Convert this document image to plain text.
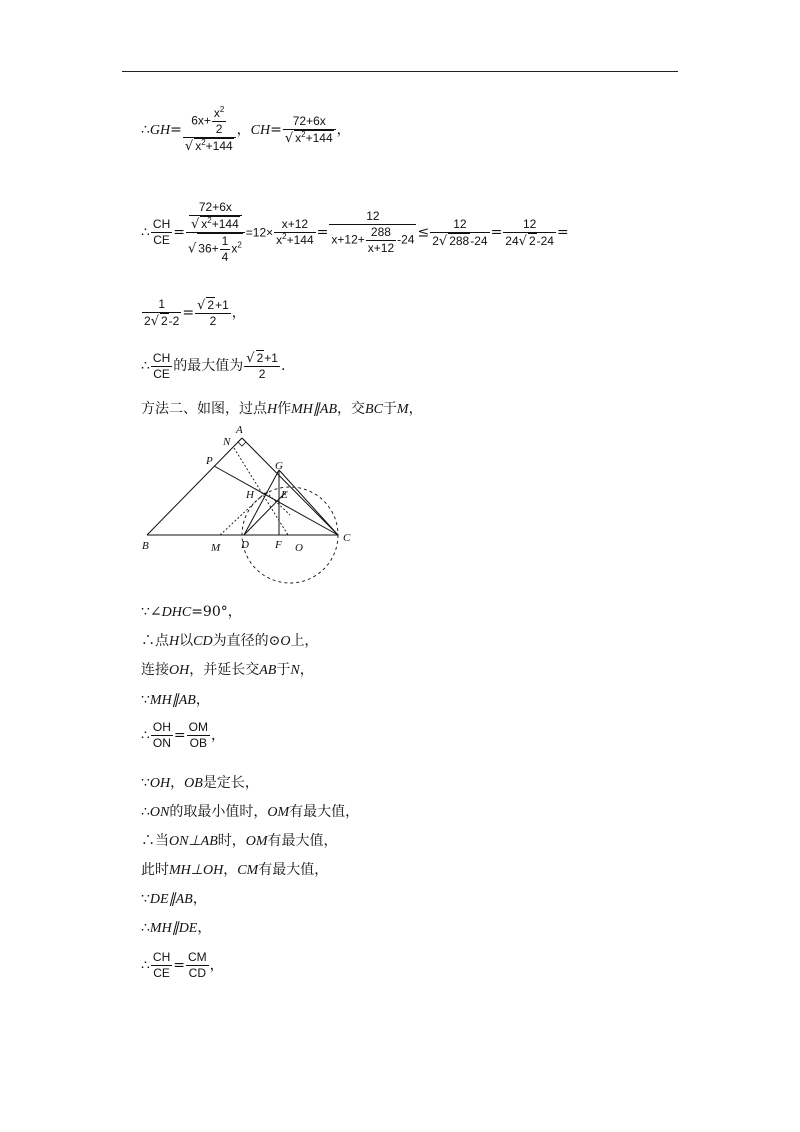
∴GH= $\frac{6x+ \frac{x^2}{2}}{√ x^2+144}$ ，$CH= \frac{72+6x}{√ x^2+144}$ ，
∴ $\frac{CH}{CE} = \frac{\frac{72+6x}{√ x^2+144}}{√ 36+ \frac{1}{4} x^2} =12\times \frac{x+12}{x^2+144} = \frac{12}{x+12+ \frac{288}{x+12} -24} \le \frac{12}{2√ 288-24} = \frac{12}{24√ 2-24}$ =
$\frac{1}{2√ 2-2} = \frac{√ 2+1}{2}$ ，
∴ $\frac{CH}{CE}$ 的最大值为 $\frac{√ 2+1}{2}$ .
方法二、如图，过点H作MH∥AB，交BC于M，
A
N
P	G
H E
B	M D F O
C
∵∠DHC=90°，
∴点H以CD为直径的⊙O上，
连接OH，并延长交AB于N，
∵MH∥AB，
∴ $\frac{OH}{ON} = \frac{OM}{OB}$ ，
∵OH，OB是定长，
∴ON的取最小值时，OM有最大值，
∴当ON⊥AB时，OM有最大值，
此时MH⊥OH，CM有最大值，
∵DE∥AB，
∴MH∥DE，
∴ $\frac{CH}{CE} = \frac{CM}{CD}$ ，
